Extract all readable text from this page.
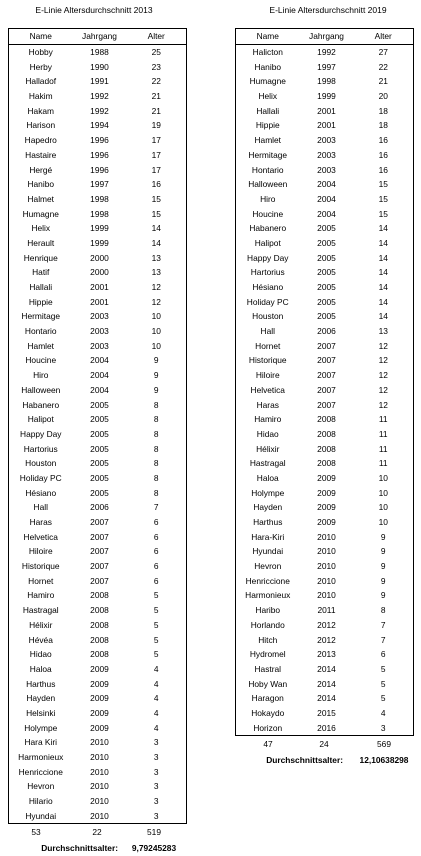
E-Linie Altersdurchschnitt 2013
Name	Jahrgang	Alter
Hobby	1988	25
Herby	1990	23
Halladof	1991	22
Hakim	1992	21
Hakam	1992	21
Harison	1994	19
Hapedro	1996	17
Hastaire	1996	17
Hergé	1996	17
Hanibo	1997	16
Halmet	1998	15
Humagne	1998	15
Helix	1999	14
Herault	1999	14
Henrique	2000	13
Hatif	2000	13
Hallali	2001	12
Hippie	2001	12
Hermitage	2003	10
Hontario	2003	10
Hamlet	2003	10
Houcine	2004	9
Hiro	2004	9
Halloween	2004	9
Habanero	2005	8
Halipot	2005	8
Happy Day	2005	8
Hartorius	2005	8
Houston	2005	8
Holiday PC	2005	8
Hésiano	2005	8
Hall	2006	7
Haras	2007	6
Helvetica	2007	6
Hiloire	2007	6
Historique	2007	6
Hornet	2007	6
Hamiro	2008	5
Hastragal	2008	5
Hélixir	2008	5
Hévéa	2008	5
Hidao	2008	5
Haloa	2009	4
Harthus	2009	4
Hayden	2009	4
Helsinki	2009	4
Holympe	2009	4
Hara Kiri	2010	3
Harmonieux	2010	3
Henriccione	2010	3
Hevron	2010	3
Hilario	2010	3
Hyundai	2010	3
53	22	519
Durchschnittsalter:		9,79245283
E-Linie Altersdurchschnitt 2019
Name	Jahrgang	Alter
Halicton	1992	27
Hanibo	1997	22
Humagne	1998	21
Helix	1999	20
Hallali	2001	18
Hippie	2001	18
Hamlet	2003	16
Hermitage	2003	16
Hontario	2003	16
Halloween	2004	15
Hiro	2004	15
Houcine	2004	15
Habanero	2005	14
Halipot	2005	14
Happy Day	2005	14
Hartorius	2005	14
Hésiano	2005	14
Holiday PC	2005	14
Houston	2005	14
Hall	2006	13
Hornet	2007	12
Historique	2007	12
Hiloire	2007	12
Helvetica	2007	12
Haras	2007	12
Hamiro	2008	11
Hidao	2008	11
Hélixir	2008	11
Hastragal	2008	11
Haloa	2009	10
Holympe	2009	10
Hayden	2009	10
Harthus	2009	10
Hara-Kiri	2010	9
Hyundai	2010	9
Hevron	2010	9
Henriccione	2010	9
Harmonieux	2010	9
Haribo	2011	8
Horlando	2012	7
Hitch	2012	7
Hydromel	2013	6
Hastral	2014	5
Hoby Wan	2014	5
Haragon	2014	5
Hokaydo	2015	4
Horizon	2016	3
47	24	569
Durchschnittsalter:		12,10638298
